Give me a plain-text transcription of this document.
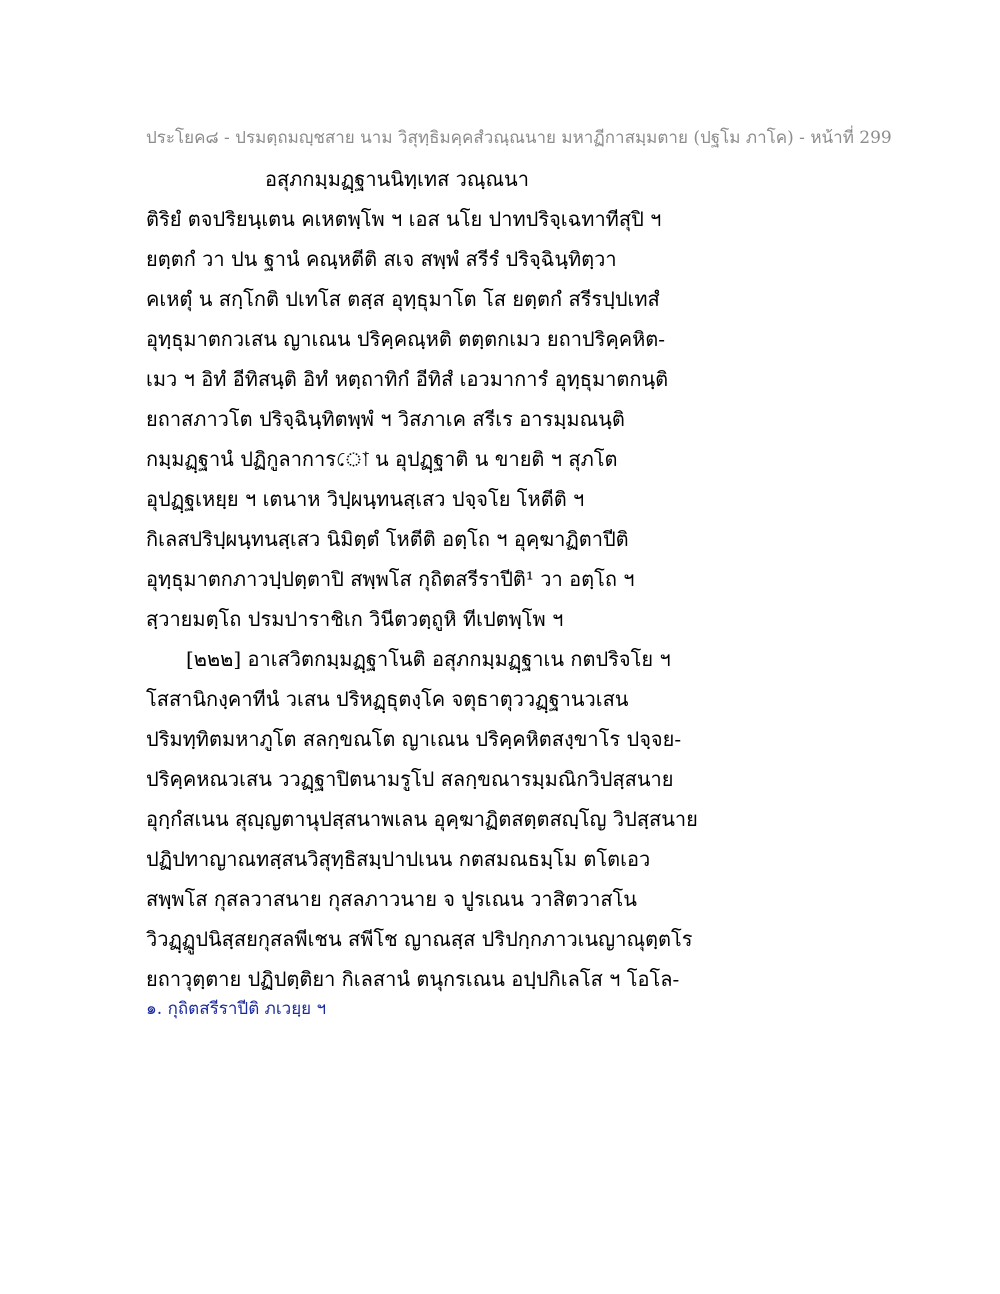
ประโยค๘ - ปรมตฺถมญฺชสาย นาม วิสุทฺธิมคฺคสํวณฺณนาย มหาฏีกาสมฺมตาย (ปฐโม ภาโค) - หน้าที่ 299
อสุภกมฺมฏฺฐานนิทฺเทส วณฺณนา
ติริยํ ตจปริยนฺเตน คเหตพฺโพ ฯ เอส นโย ปาทปริจฺเฉทาทีสุปิ ฯ
ยตฺตกํ วา ปน ฐานํ คณฺหตีติ สเจ สพฺพํ สรีรํ ปริจฺฉินฺทิตฺวา
คเหตุํ น สกฺโกติ ปเทโส ตสฺส อุทฺธุมาโต โส ยตฺตกํ สรีรปฺปเทสํ
อุทฺธุมาตกวเสน ญาเณน ปริคฺคณฺหติ ตตฺตกเมว ยถาปริคฺคหิต-
เมว ฯ อิทํ อีทิสนฺติ อิทํ หตฺถาทิกํ อีทิสํ เอวมาการํ อุทฺธุมาตกนฺติ
ยถาสภาวโต ปริจฺฉินฺทิตพฺพํ ฯ วิสภาเค สรีเร อารมฺมณนฺติ
กมฺมฏฺฐานํ ปฏิกูลาการো น อุปฏฺฐาติ น ขายติ ฯ สุภโต
อุปฏฺฐเหยฺย ฯ เตนาห วิปฺผนฺทนสฺเสว ปจฺจโย โหตีติ ฯ
กิเลสปริปฺผนฺทนสฺเสว นิมิตฺตํ โหตีติ อตฺโถ ฯ อุคฺฆาฏิตาปีติ
อุทฺธุมาตกภาวปฺปตฺตาปิ สพฺพโส กุถิตสรีราปีติ¹ วา อตฺโถ ฯ
สฺวายมตฺโถ ปรมปาราชิเก วินีตวตฺถูหิ ทีเปตพฺโพ ฯ
[๒๒๒] อาเสวิตกมฺมฏฺฐาโนติ อสุภกมฺมฏฺฐาเน กตปริจโย ฯ
โสสานิกงฺคาทีนํ วเสน ปริหฏฺธุตงฺโค จตุธาตุววฏฺฐานวเสน
ปริมทฺทิตมหาภูโต สลกฺขณโต ญาเณน ปริคฺคหิตสงฺขาโร ปจฺจย-
ปริคฺคหณวเสน ววฏฺฐาปิตนามรูโป สลกฺขณารมฺมณิกวิปสฺสนาย
อุกฺกํสเนน สุญฺญตานุปสฺสนาพเลน อุคฺฆาฏิตสตฺตสญฺโญ วิปสฺสนาย
ปฏิปทาญาณทสฺสนวิสุทฺธิสมฺปาปเนน กตสมณธมฺโม ตโตเอว
สพฺพโส กุสลวาสนาย กุสลภาวนาย จ ปูรเณน วาสิตวาสโน
วิวฏฺฏูปนิสฺสยกุสลพีเชน สพีโช ญาณสฺส ปริปกฺกภาวเนญาณุตฺตโร
ยถาวุตฺตาย ปฏิปตฺติยา กิเลสานํ ตนุกรเณน อปฺปกิเลโส ฯ โอโล-
๑. กุถิตสรีราปีติ ภเวยฺย ฯ
